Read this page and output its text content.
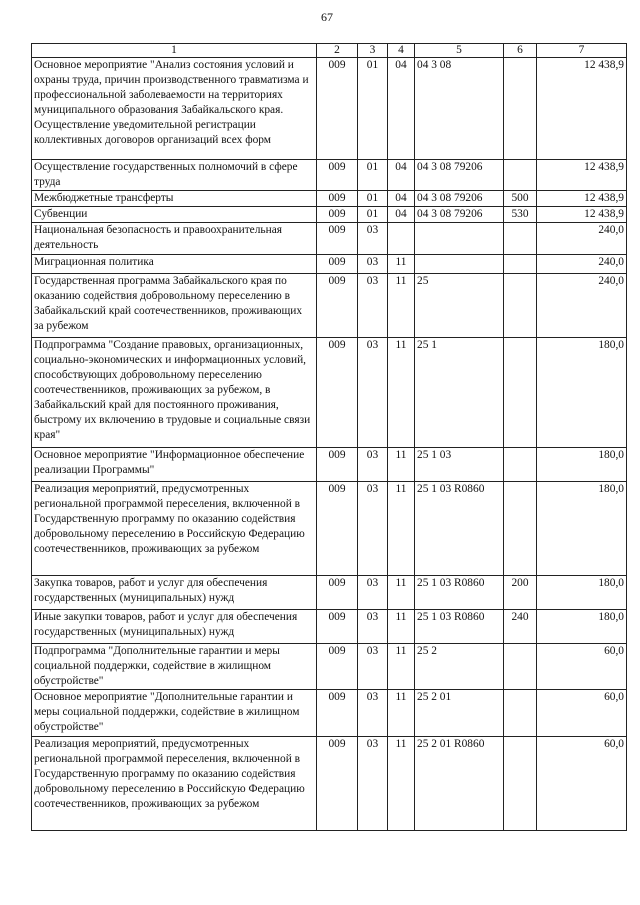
67
1	2	3	4	5	6	7
Основное мероприятие "Анализ состояния условий и охраны труда, причин производственного травматизма и профессиональной заболеваемости на территориях муниципального образования Забайкальского края. Осуществление уведомительной регистрации коллективных договоров организаций всех форм	009	01	04	04 3 08		12 438,9
Осуществление государственных полномочий в сфере труда	009	01	04	04 3 08 79206		12 438,9
Межбюджетные трансферты	009	01	04	04 3 08 79206	500	12 438,9
Субвенции	009	01	04	04 3 08 79206	530	12 438,9
Национальная безопасность и правоохранительная деятельность	009	03				240,0
Миграционная политика	009	03	11			240,0
Государственная программа Забайкальского края по оказанию содействия добровольному переселению в Забайкальский край соотечественников, проживающих за рубежом	009	03	11	25		240,0
Подпрограмма "Создание правовых, организационных, социально-экономических и информационных условий, способствующих добровольному переселению соотечественников, проживающих за рубежом, в Забайкальский край для постоянного проживания, быстрому их включению в трудовые и социальные связи края"	009	03	11	25 1		180,0
Основное мероприятие "Информационное обеспечение реализации Программы"	009	03	11	25 1 03		180,0
Реализация мероприятий, предусмотренных региональной программой переселения, включенной в Государственную программу по оказанию содействия добровольному переселению в Российскую Федерацию соотечественников, проживающих за рубежом	009	03	11	25 1 03 R0860		180,0
Закупка товаров, работ и услуг для обеспечения государственных (муниципальных) нужд	009	03	11	25 1 03 R0860	200	180,0
Иные закупки товаров, работ и услуг для обеспечения государственных (муниципальных) нужд	009	03	11	25 1 03 R0860	240	180,0
Подпрограмма "Дополнительные гарантии и меры социальной поддержки, содействие в жилищном обустройстве"	009	03	11	25 2		60,0
Основное мероприятие "Дополнительные гарантии и меры социальной поддержки, содействие в жилищном обустройстве"	009	03	11	25 2 01		60,0
Реализация мероприятий, предусмотренных региональной программой переселения, включенной в Государственную программу по оказанию содействия добровольному переселению в Российскую Федерацию соотечественников, проживающих за рубежом	009	03	11	25 2 01 R0860		60,0
